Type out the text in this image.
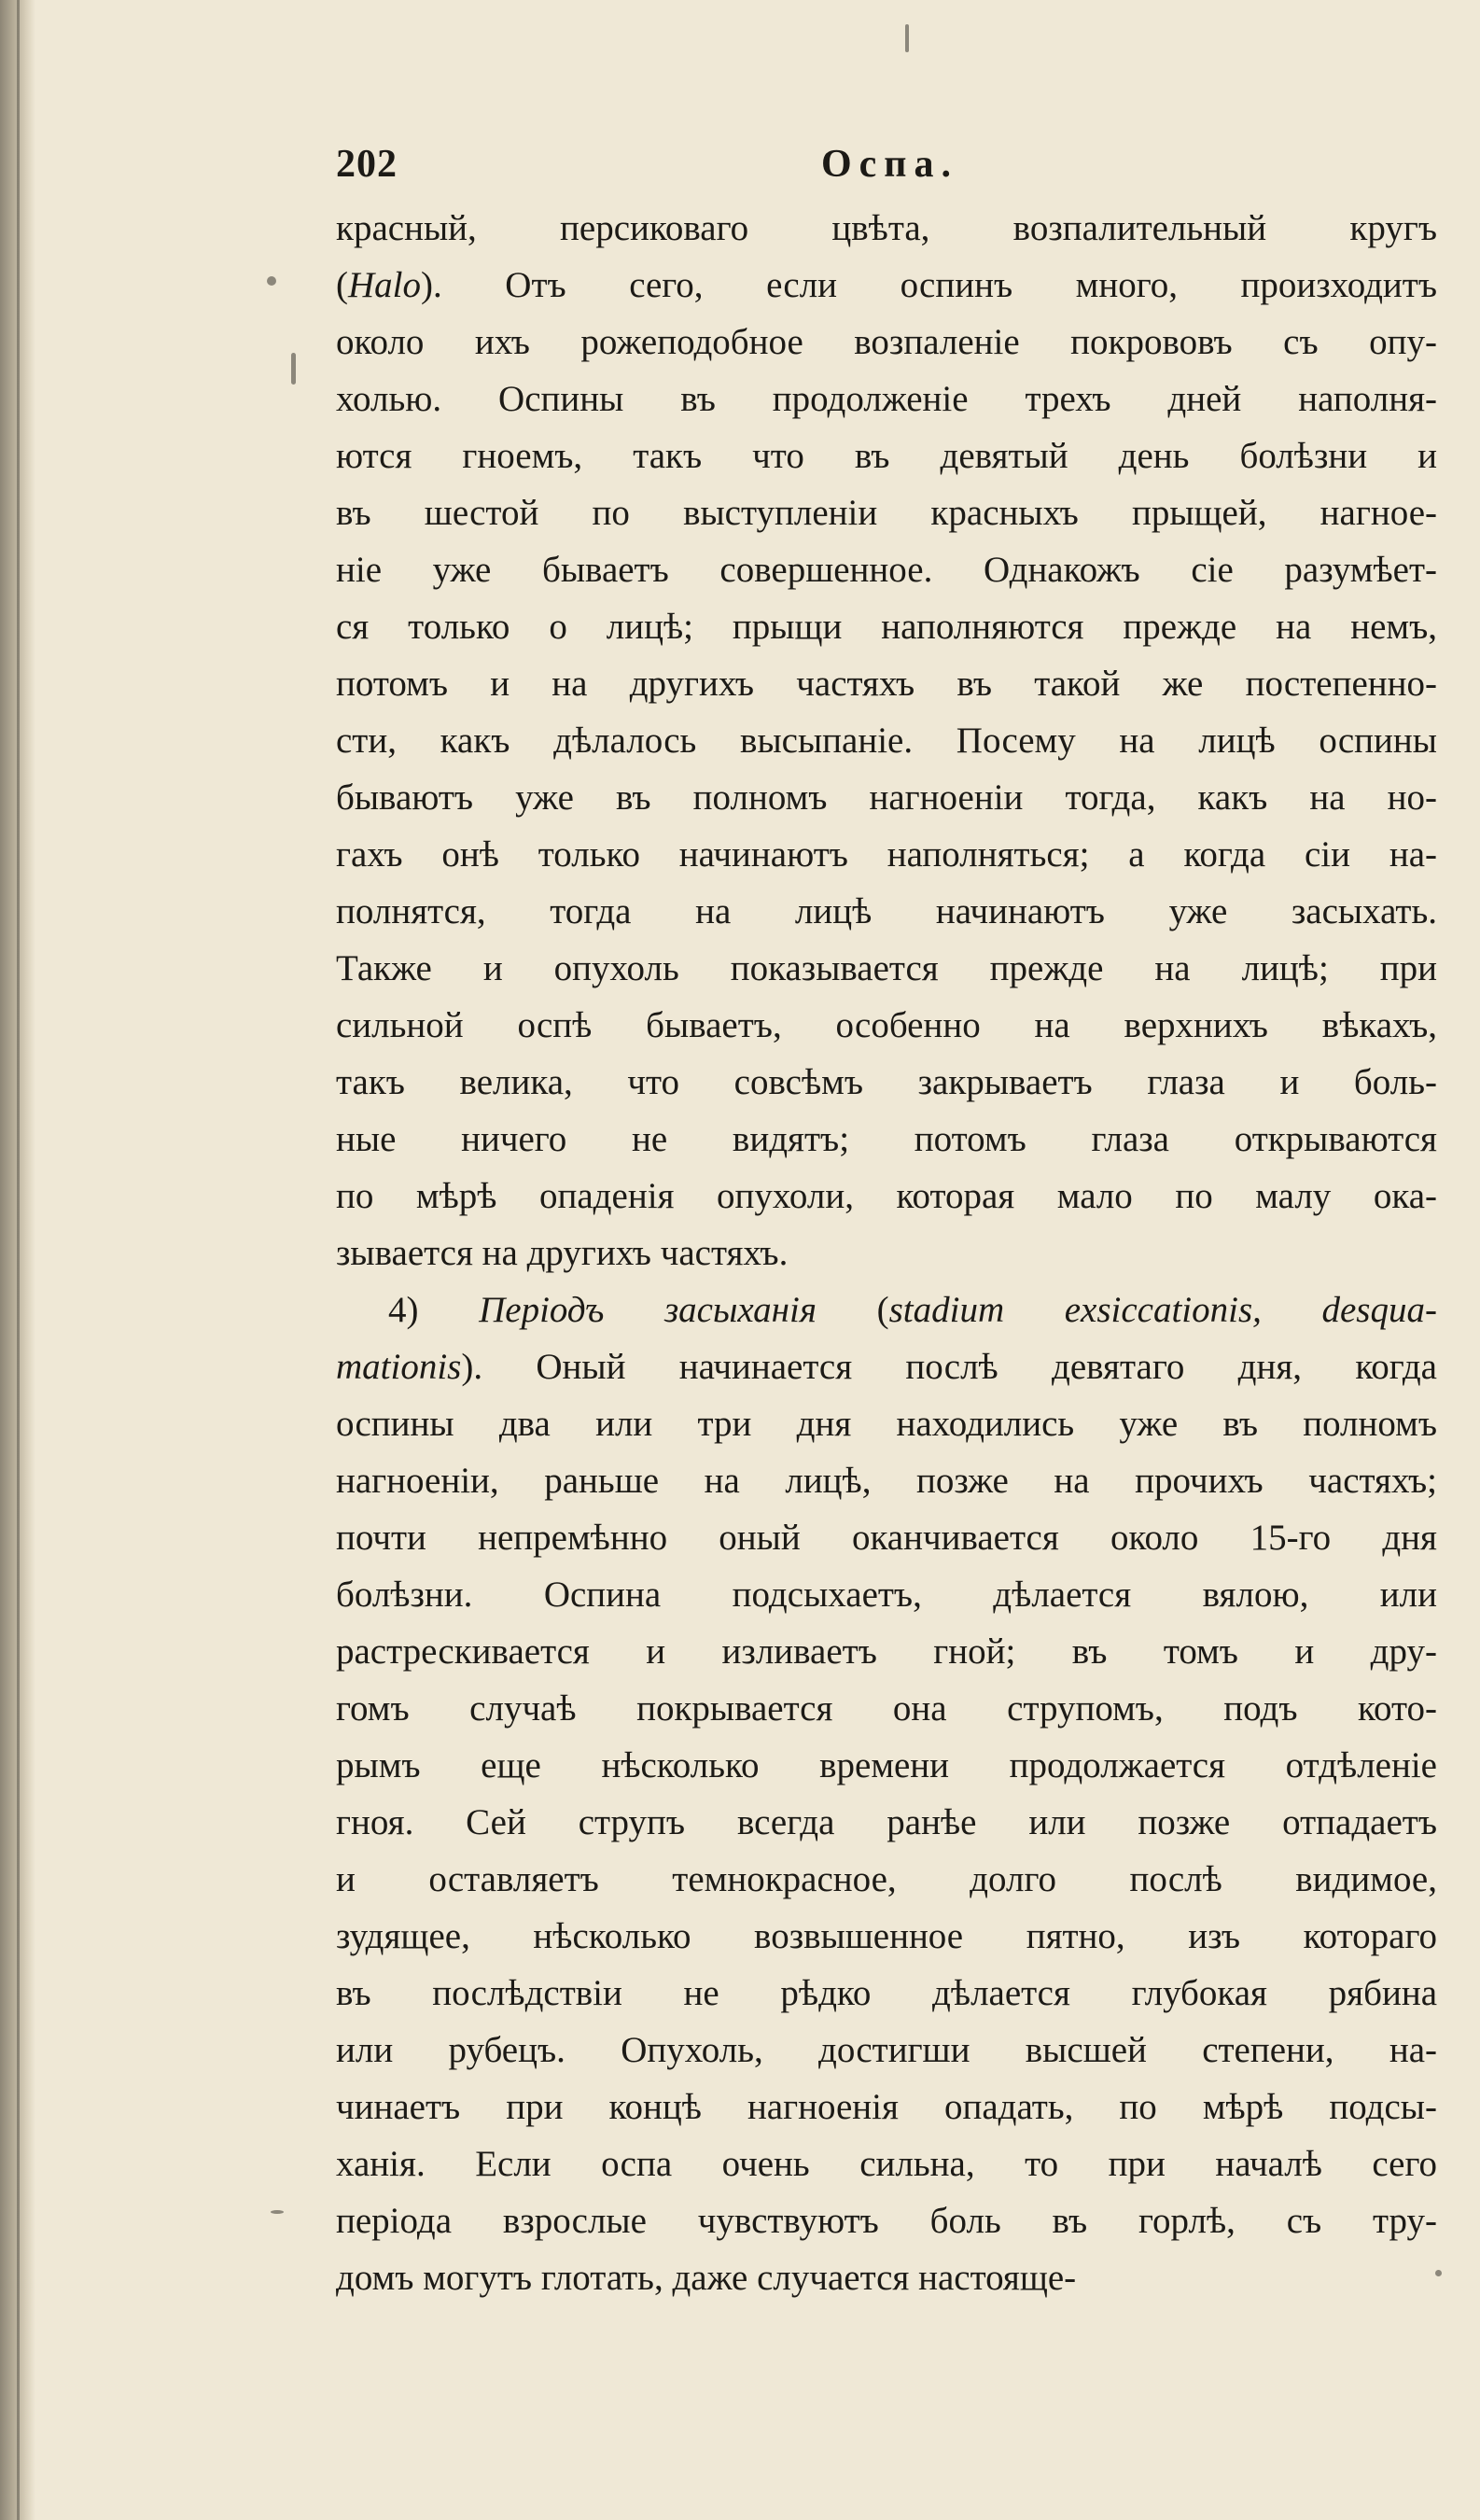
202	Оспа.
красный, персиковаго цвѣта, возпалительный кругъ
(Halo). Отъ сего, если оспинъ много, произходитъ
около ихъ рожеподобное возпаленіе покрововъ съ опу-
холью. Оспины въ продолженіе трехъ дней наполня-
ются гноемъ, такъ что въ девятый день болѣзни и
въ шестой по выступленіи красныхъ прыщей, нагное-
ніе уже бываетъ совершенное. Однакожъ сіе разумѣет-
ся только о лицѣ; прыщи наполняются прежде на немъ,
потомъ и на другихъ частяхъ въ такой же постепенно-
сти, какъ дѣлалось высыпаніе. Посему на лицѣ оспины
бываютъ уже въ полномъ нагноеніи тогда, какъ на но-
гахъ онѣ только начинаютъ наполняться; а когда сіи на-
полнятся, тогда на лицѣ начинаютъ уже засыхать.
Также и опухоль показывается прежде на лицѣ; при
сильной оспѣ бываетъ, особенно на верхнихъ вѣкахъ,
такъ велика, что совсѣмъ закрываетъ глаза и боль-
ные ничего не видятъ; потомъ глаза открываются
по мѣрѣ опаденія опухоли, которая мало по малу ока-
зывается на другихъ частяхъ.
4) Періодъ засыханія (stadium exsiccationis, desqua-
mationis). Оный начинается послѣ девятаго дня, когда
оспины два или три дня находились уже въ полномъ
нагноеніи, раньше на лицѣ, позже на прочихъ частяхъ;
почти непремѣнно оный оканчивается около 15-го дня
болѣзни. Оспина подсыхаетъ, дѣлается вялою, или
растрескивается и изливаетъ гной; въ томъ и дру-
гомъ случаѣ покрывается она струпомъ, подъ кото-
рымъ еще нѣсколько времени продолжается отдѣленіе
гноя. Сей струпъ всегда ранѣе или позже отпадаетъ
и оставляетъ темнокрасное, долго послѣ видимое,
зудящее, нѣсколько возвышенное пятно, изъ котораго
въ послѣдствіи не рѣдко дѣлается глубокая рябина
или рубецъ. Опухоль, достигши высшей степени, на-
чинаетъ при концѣ нагноенія опадать, по мѣрѣ подсы-
ханія. Если оспа очень сильна, то при началѣ сего
періода взрослые чувствуютъ боль въ горлѣ, съ тру-
домъ могутъ глотать, даже случается настояще-
